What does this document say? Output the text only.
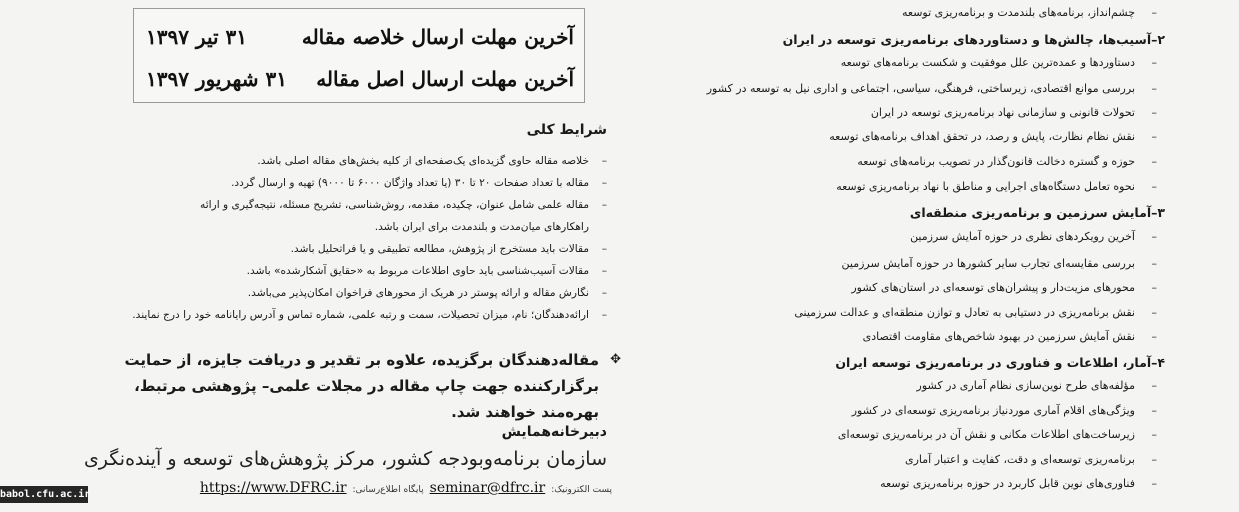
۳۱ تیر ۱۳۹۷	آخرین مهلت ارسال خلاصه مقاله
۳۱ شهریور ۱۳۹۷ آخرین مهلت ارسال اصل مقاله
شرایط کلی
– خلاصه مقاله حاوی گزیده‌ای یک‌صفحه‌ای از کلیه بخش‌های مقاله اصلی باشد.
– مقاله با تعداد صفحات ۲۰ تا ۳۰ (یا تعداد واژگان ۶۰۰۰ تا ۹۰۰۰) تهیه و ارسال گردد.
– مقاله علمی شامل عنوان، چکیده، مقدمه، روش‌شناسی، تشریح مسئله، نتیجه‌گیری و ارائه راهکارهای میان‌مدت و بلندمدت برای ایران باشد.
– مقالات باید مستخرج از پژوهش، مطالعه تطبیقی و یا فراتحلیل باشد.
– مقالات آسیب‌شناسی باید حاوی اطلاعات مربوط به «حقایق آشکارشده» باشد.
– نگارش مقاله و ارائه پوستر در هریک از محورهای فراخوان امکان‌پذیر می‌باشد.
– ارائه‌دهندگان؛ نام، میزان تحصیلات، سمت و رتبه علمی، شماره تماس و آدرس رایانامه خود را درج نمایند.
✥
مقاله‌دهندگان برگزیده، علاوه بر تقدیر و دریافت جایزه، از حمایت برگزارکننده جهت چاپ مقاله در مجلات علمی– پژوهشی مرتبط، بهره‌مند خواهند شد.
دبیرخانه‌همایش
سازمان برنامه‌وبودجه کشور، مرکز پژوهش‌های توسعه و آینده‌نگری
پست الکترونیک:
seminar@dfrc.ir
پایگاه اطلاع‌رسانی:
https://www.DFRC.ir
– چشم‌انداز، برنامه‌های بلندمدت و برنامه‌ریزی توسعه
۲–آسیب‌ها، چالش‌ها و دستاوردهای برنامه‌ریزی توسعه در ایران
– دستاوردها و عمده‌ترین علل موفقیت و شکست برنامه‌های توسعه
– بررسی موانع اقتصادی، زیرساختی، فرهنگی، سیاسی، اجتماعی و اداری نیل به توسعه در کشور
– تحولات قانونی و سازمانی نهاد برنامه‌ریزی توسعه در ایران
– نقش نظام نظارت، پایش و رصد، در تحقق اهداف برنامه‌های توسعه
– حوزه و گستره دخالت قانون‌گذار در تصویب برنامه‌های توسعه
– نحوه تعامل دستگاه‌های اجرایی و مناطق با نهاد برنامه‌ریزی توسعه
۳–آمایش سرزمین و برنامه‌ریزی منطقه‌ای
– آخرین رویکردهای نظری در حوزه آمایش سرزمین
– بررسی مقایسه‌ای تجارب سایر کشورها در حوزه آمایش سرزمین
– محورهای مزیت‌دار و پیشران‌های توسعه‌ای در استان‌های کشور
– نقش برنامه‌ریزی در دستیابی به تعادل و توازن منطقه‌ای و عدالت سرزمینی
– نقش آمایش سرزمین در بهبود شاخص‌های مقاومت اقتصادی
۴–آمار، اطلاعات و فناوری در برنامه‌ریزی توسعه ایران
– مؤلفه‌های طرح نوین‌سازی نظام آماری در کشور
– ویژگی‌های اقلام آماری موردنیاز برنامه‌ریزی توسعه‌ای در کشور
– زیرساخت‌های اطلاعات مکانی و نقش آن در برنامه‌ریزی توسعه‌ای
– برنامه‌ریزی توسعه‌ای و دقت، کفایت و اعتبار آماری
– فناوری‌های نوین قابل کاربرد در حوزه برنامه‌ریزی توسعه
babol.cfu.ac.ir
